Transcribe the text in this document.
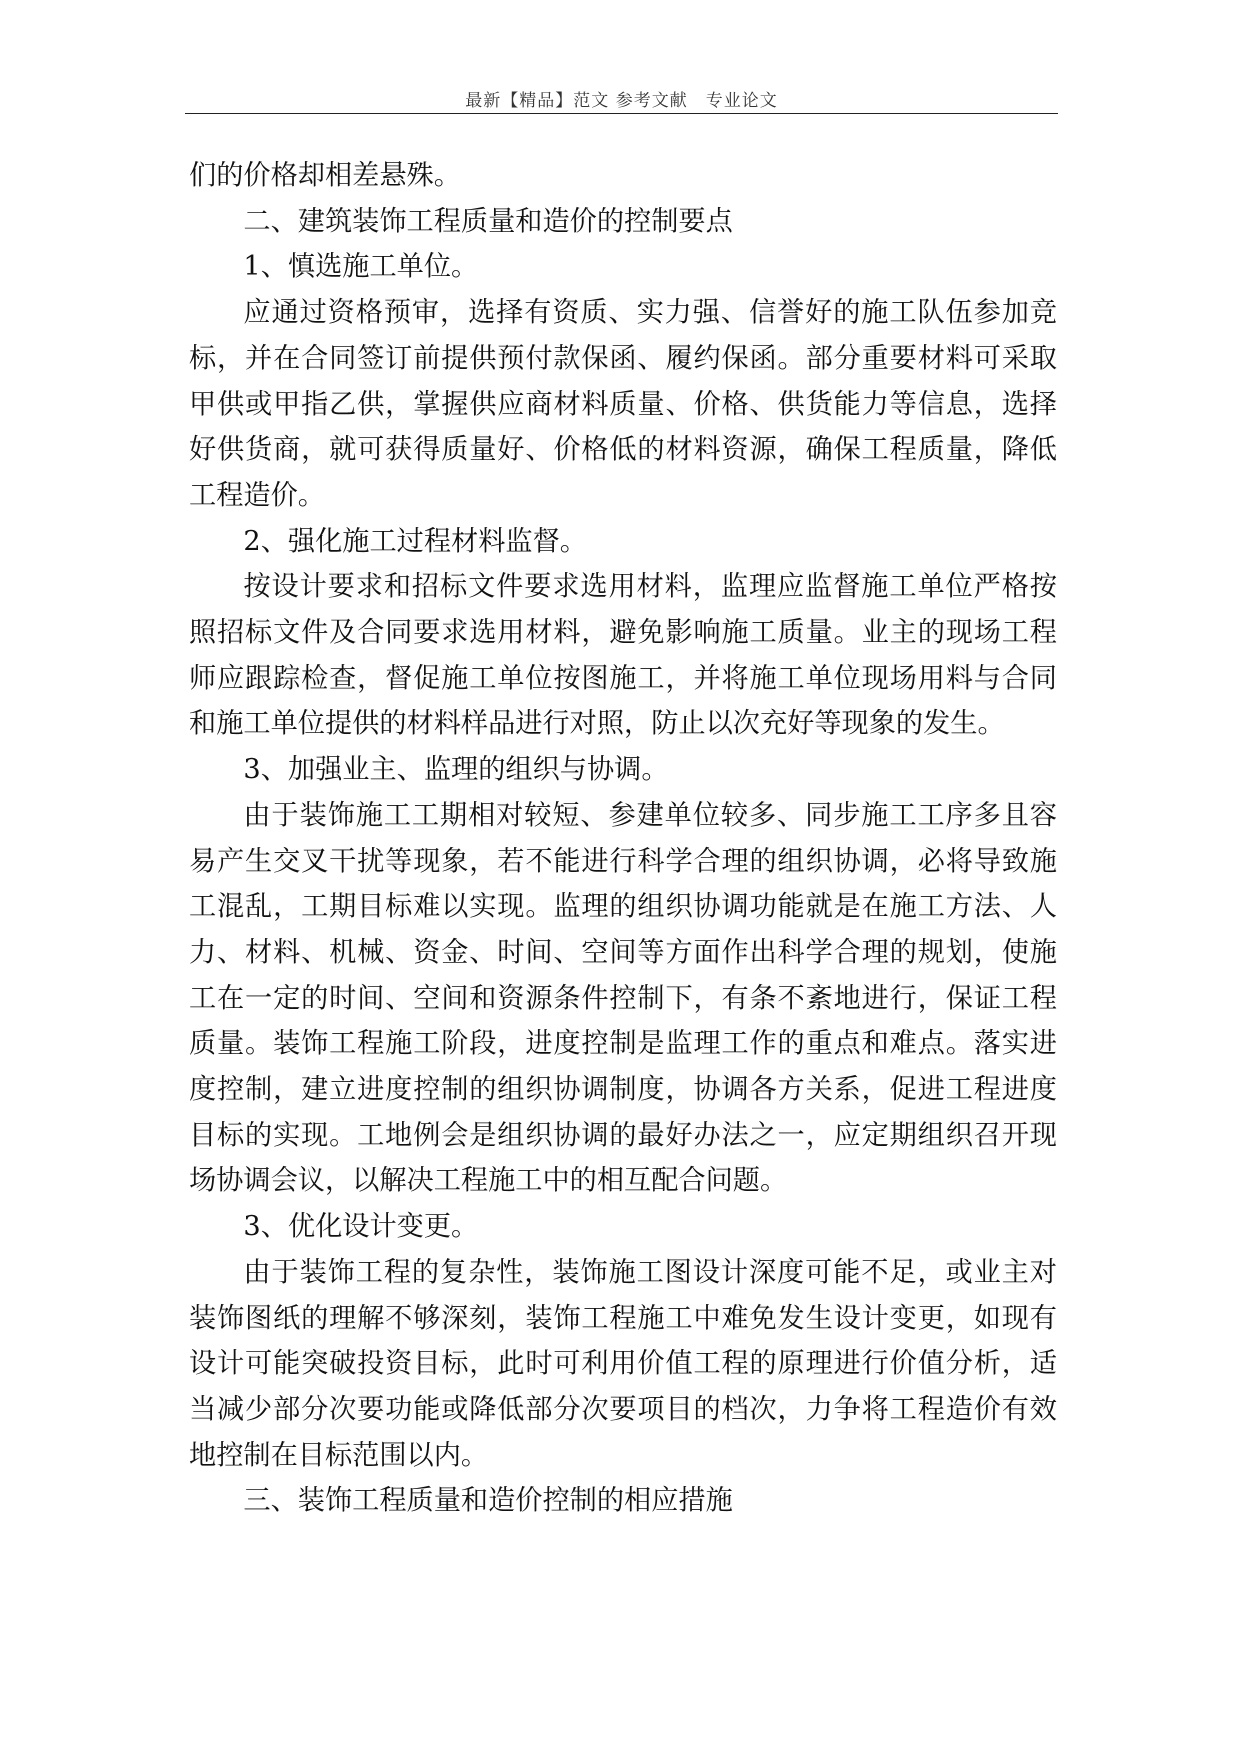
最新【精品】范文 参考文献　专业论文

们的价格却相差悬殊。

二、建筑装饰工程质量和造价的控制要点

1、慎选施工单位。

应通过资格预审，选择有资质、实力强、信誉好的施工队伍参加竞标，并在合同签订前提供预付款保函、履约保函。部分重要材料可采取甲供或甲指乙供，掌握供应商材料质量、价格、供货能力等信息，选择好供货商，就可获得质量好、价格低的材料资源，确保工程质量，降低工程造价。

2、强化施工过程材料监督。

按设计要求和招标文件要求选用材料，监理应监督施工单位严格按照招标文件及合同要求选用材料，避免影响施工质量。业主的现场工程师应跟踪检查，督促施工单位按图施工，并将施工单位现场用料与合同和施工单位提供的材料样品进行对照，防止以次充好等现象的发生。

3、加强业主、监理的组织与协调。

由于装饰施工工期相对较短、参建单位较多、同步施工工序多且容易产生交叉干扰等现象，若不能进行科学合理的组织协调，必将导致施工混乱，工期目标难以实现。监理的组织协调功能就是在施工方法、人力、材料、机械、资金、时间、空间等方面作出科学合理的规划，使施工在一定的时间、空间和资源条件控制下，有条不紊地进行，保证工程质量。装饰工程施工阶段，进度控制是监理工作的重点和难点。落实进度控制，建立进度控制的组织协调制度，协调各方关系，促进工程进度目标的实现。工地例会是组织协调的最好办法之一，应定期组织召开现场协调会议，以解决工程施工中的相互配合问题。

3、优化设计变更。

由于装饰工程的复杂性，装饰施工图设计深度可能不足，或业主对装饰图纸的理解不够深刻，装饰工程施工中难免发生设计变更，如现有设计可能突破投资目标，此时可利用价值工程的原理进行价值分析，适当减少部分次要功能或降低部分次要项目的档次，力争将工程造价有效地控制在目标范围以内。

三、装饰工程质量和造价控制的相应措施
